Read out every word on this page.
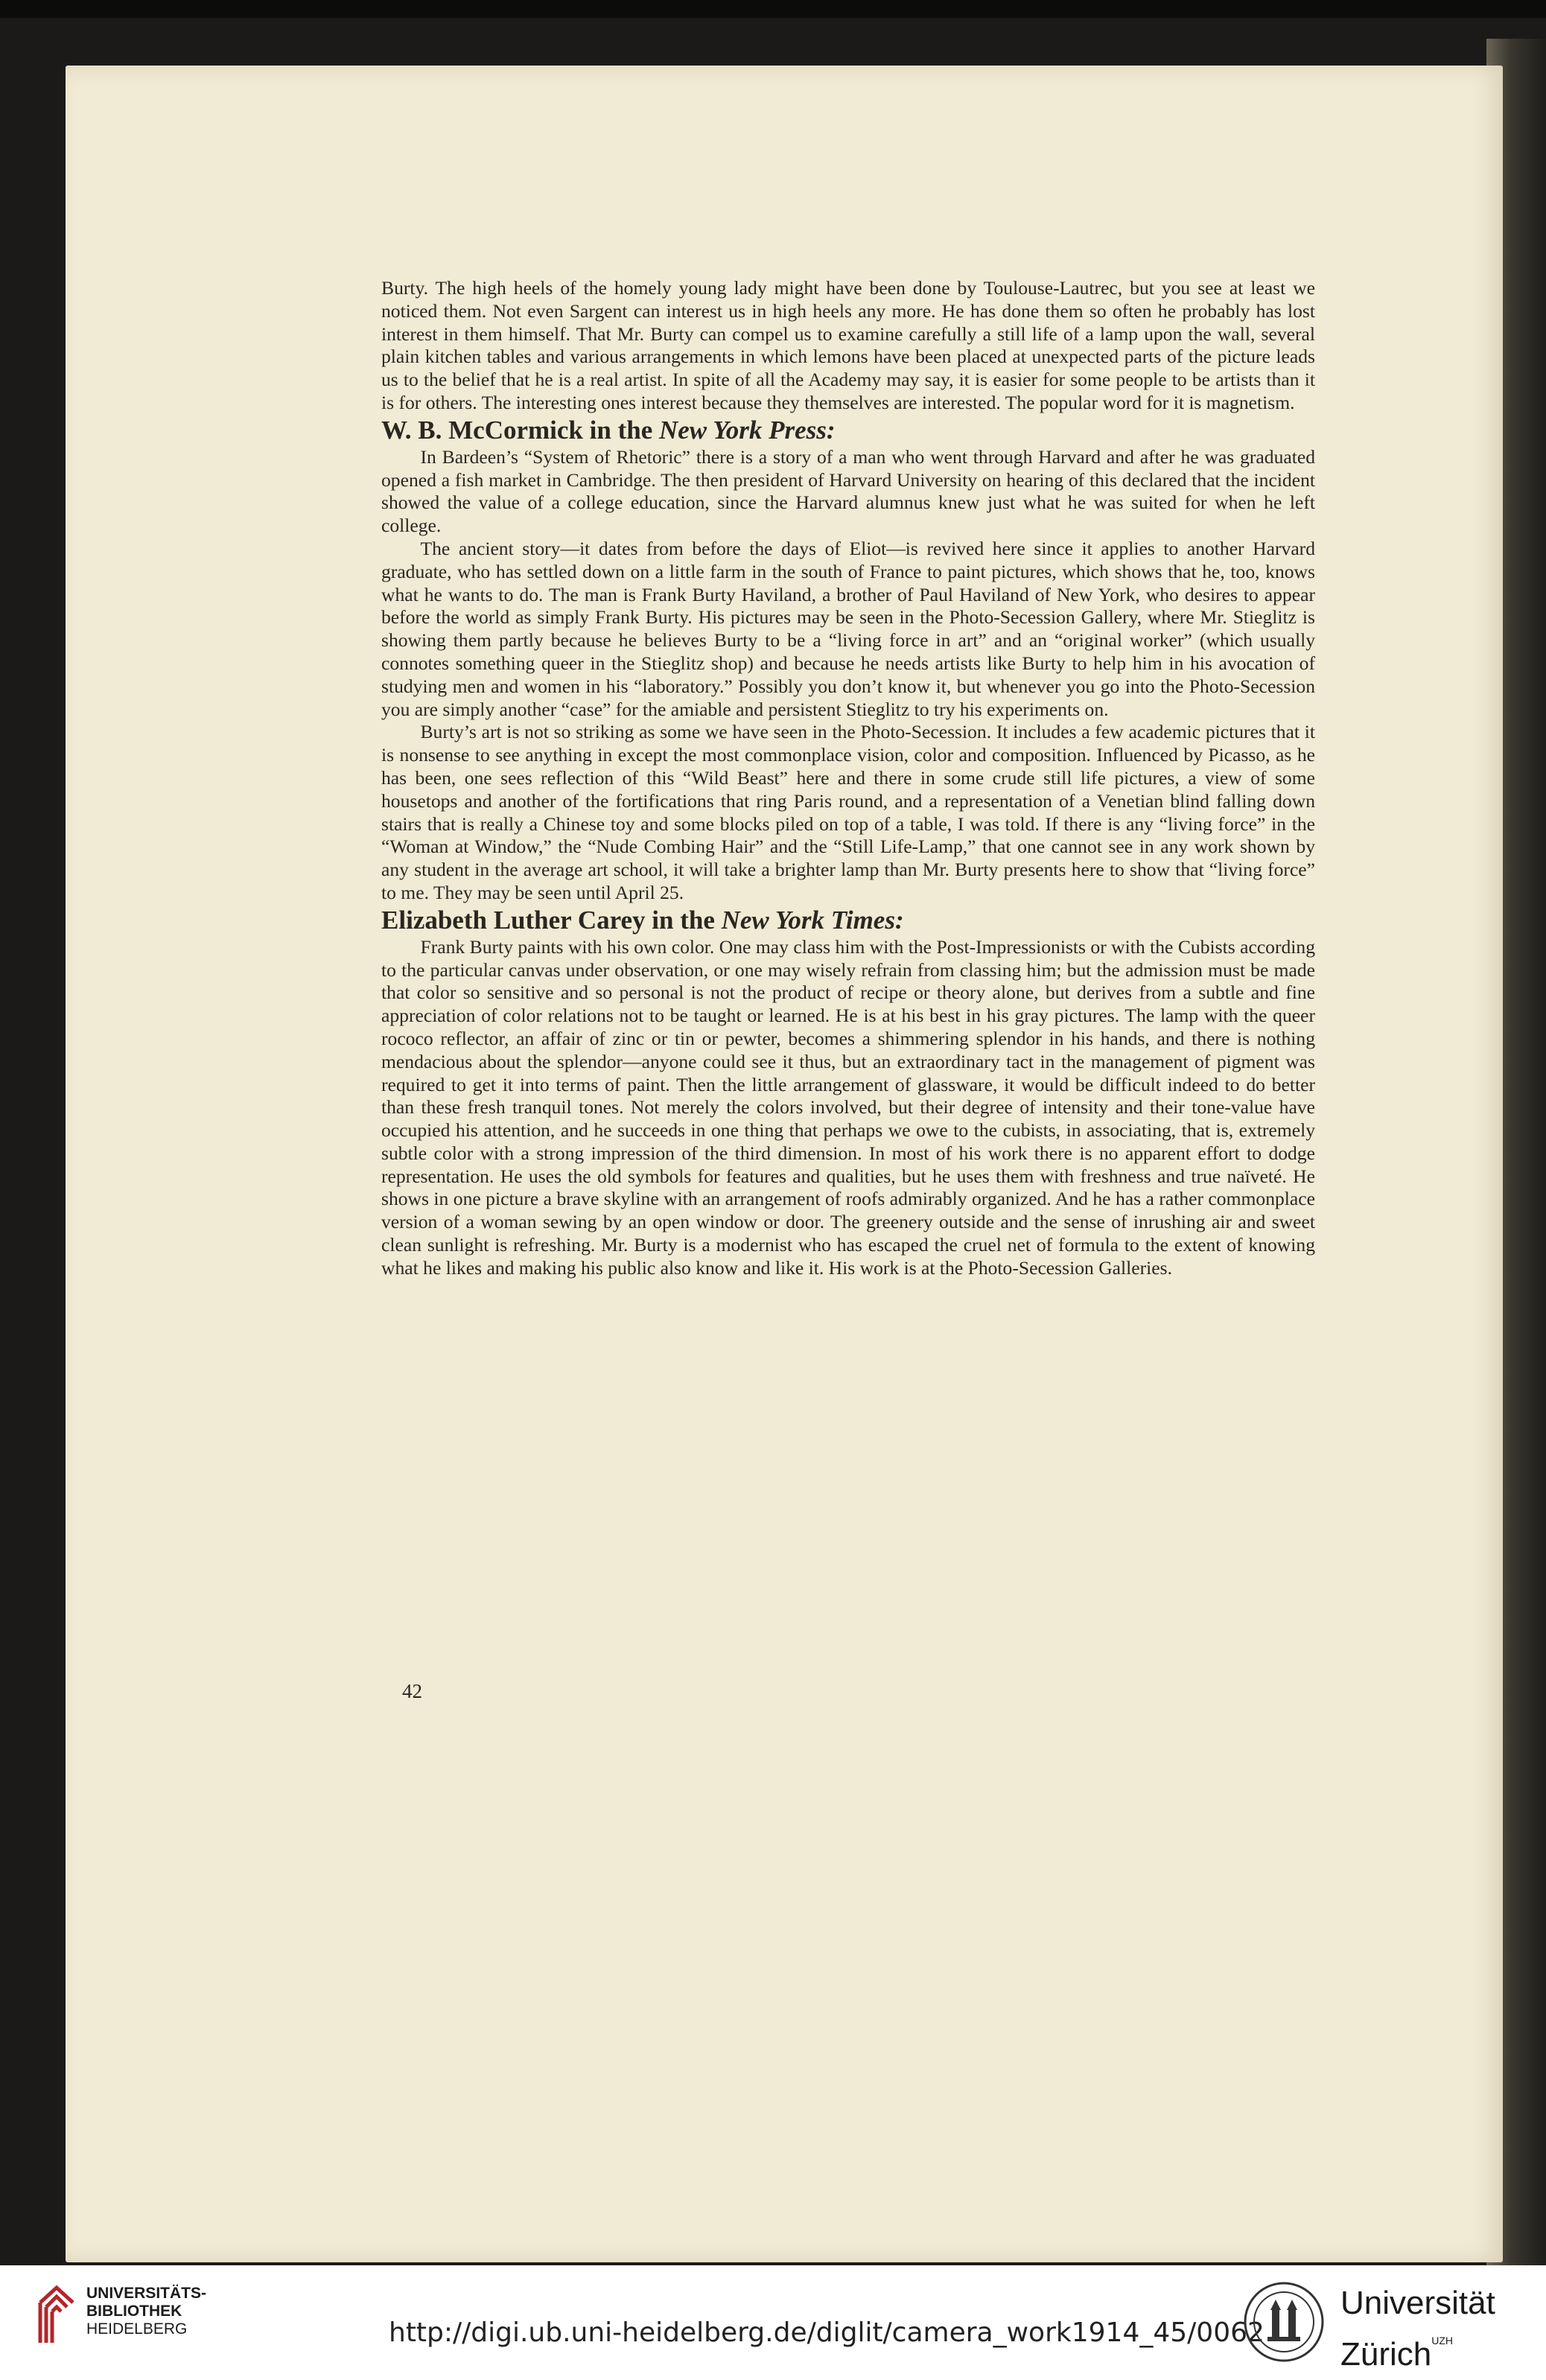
Burty. The high heels of the homely young lady might have been done by Toulouse-Lautrec, but you see at least we noticed them. Not even Sargent can interest us in high heels any more. He has done them so often he probably has lost interest in them himself. That Mr. Burty can compel us to examine carefully a still life of a lamp upon the wall, several plain kitchen tables and various arrangements in which lemons have been placed at unexpected parts of the picture leads us to the belief that he is a real artist. In spite of all the Academy may say, it is easier for some people to be artists than it is for others. The interesting ones interest because they themselves are interested. The popular word for it is magnetism.

W. B. McCormick in the New York Press:

In Bardeen’s “System of Rhetoric” there is a story of a man who went through Harvard and after he was graduated opened a fish market in Cambridge. The then president of Harvard University on hearing of this declared that the incident showed the value of a college education, since the Harvard alumnus knew just what he was suited for when he left college.

The ancient story—it dates from before the days of Eliot—is revived here since it applies to another Harvard graduate, who has settled down on a little farm in the south of France to paint pictures, which shows that he, too, knows what he wants to do. The man is Frank Burty Haviland, a brother of Paul Haviland of New York, who desires to appear before the world as simply Frank Burty. His pictures may be seen in the Photo-Secession Gallery, where Mr. Stieglitz is showing them partly because he believes Burty to be a “living force in art” and an “original worker” (which usually connotes something queer in the Stieglitz shop) and because he needs artists like Burty to help him in his avocation of studying men and women in his “laboratory.” Possibly you don’t know it, but whenever you go into the Photo-Secession you are simply another “case” for the amiable and persistent Stieglitz to try his experiments on.

Burty’s art is not so striking as some we have seen in the Photo-Secession. It includes a few academic pictures that it is nonsense to see anything in except the most commonplace vision, color and composition. Influenced by Picasso, as he has been, one sees reflection of this “Wild Beast” here and there in some crude still life pictures, a view of some housetops and another of the fortifications that ring Paris round, and a representation of a Venetian blind falling down stairs that is really a Chinese toy and some blocks piled on top of a table, I was told. If there is any “living force” in the “Woman at Window,” the “Nude Combing Hair” and the “Still Life-Lamp,” that one cannot see in any work shown by any student in the average art school, it will take a brighter lamp than Mr. Burty presents here to show that “living force” to me. They may be seen until April 25.

Elizabeth Luther Carey in the New York Times:

Frank Burty paints with his own color. One may class him with the Post-Impressionists or with the Cubists according to the particular canvas under observation, or one may wisely refrain from classing him; but the admission must be made that color so sensitive and so personal is not the product of recipe or theory alone, but derives from a subtle and fine appreciation of color relations not to be taught or learned. He is at his best in his gray pictures. The lamp with the queer rococo reflector, an affair of zinc or tin or pewter, becomes a shimmering splendor in his hands, and there is nothing mendacious about the splendor—anyone could see it thus, but an extraordinary tact in the management of pigment was required to get it into terms of paint. Then the little arrangement of glassware, it would be difficult indeed to do better than these fresh tranquil tones. Not merely the colors involved, but their degree of intensity and their tone-value have occupied his attention, and he succeeds in one thing that perhaps we owe to the cubists, in associating, that is, extremely subtle color with a strong impression of the third dimension. In most of his work there is no apparent effort to dodge representation. He uses the old symbols for features and qualities, but he uses them with freshness and true naïveté. He shows in one picture a brave skyline with an arrangement of roofs admirably organized. And he has a rather commonplace version of a woman sewing by an open window or door. The greenery outside and the sense of inrushing air and sweet clean sunlight is refreshing. Mr. Burty is a modernist who has escaped the cruel net of formula to the extent of knowing what he likes and making his public also know and like it. His work is at the Photo-Secession Galleries.

42
UNIVERSITÄTS-
BIBLIOTHEK
HEIDELBERG	http://digi.ub.uni-heidelberg.de/diglit/camera_work1914_45/0062
Universität
Zürich$^{UZH}$
